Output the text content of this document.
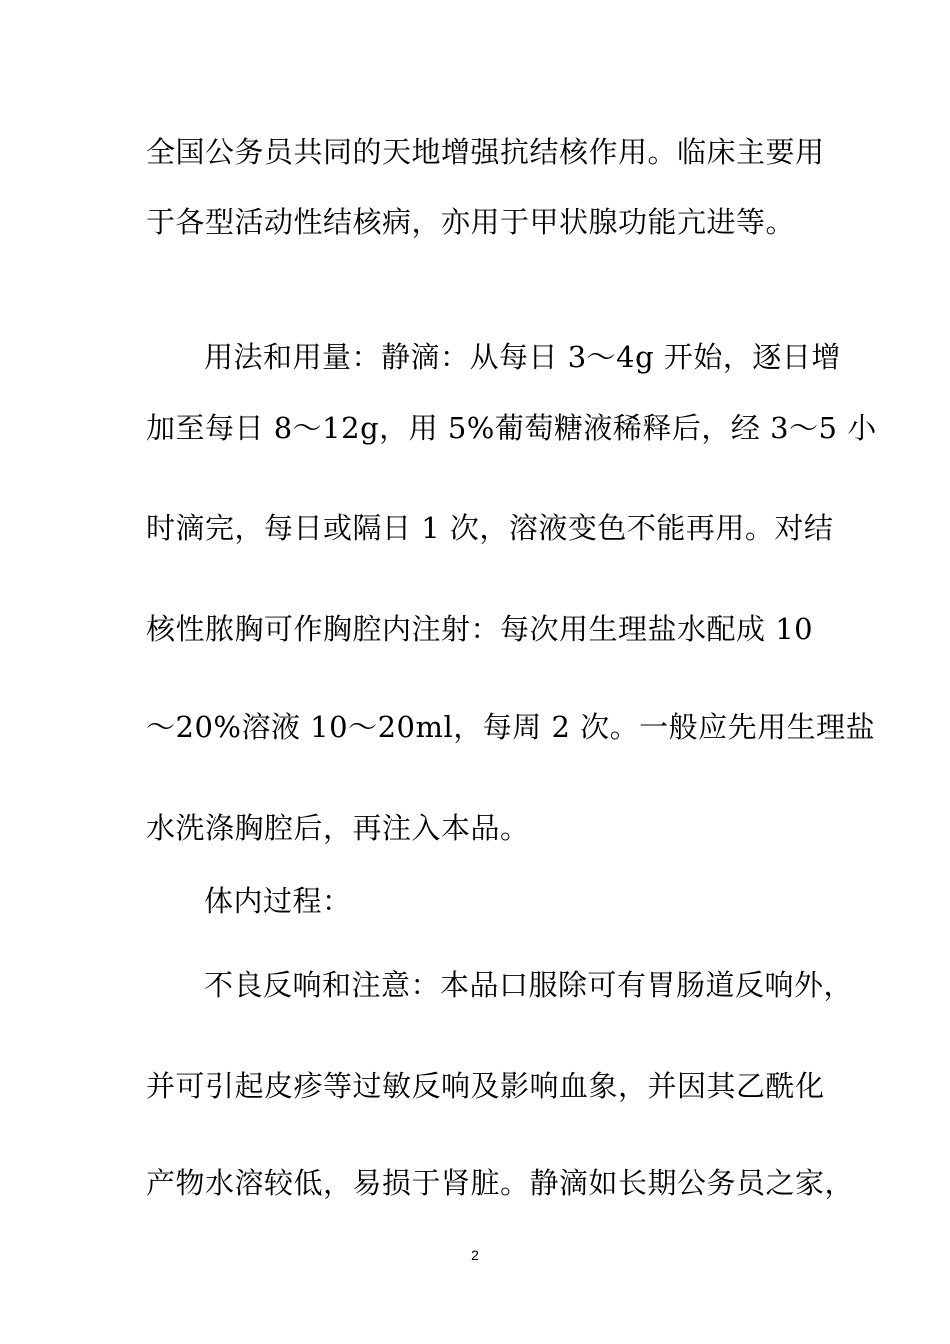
全国公务员共同的天地增强抗结核作用。临床主要用
于各型活动性结核病，亦用于甲状腺功能亢进等。
用法和用量：静滴：从每日 3～4g 开始，逐日增
加至每日 8～12g，用 5%葡萄糖液稀释后，经 3～5 小
时滴完，每日或隔日 1 次，溶液变色不能再用。对结
核性脓胸可作胸腔内注射：每次用生理盐水配成 10
～20%溶液 10～20ml，每周 2 次。一般应先用生理盐
水洗涤胸腔后，再注入本品。
体内过程：
不良反响和注意：本品口服除可有胃肠道反响外，
并可引起皮疹等过敏反响及影响血象，并因其乙酰化
产物水溶较低，易损于肾脏。静滴如长期公务员之家，
2
